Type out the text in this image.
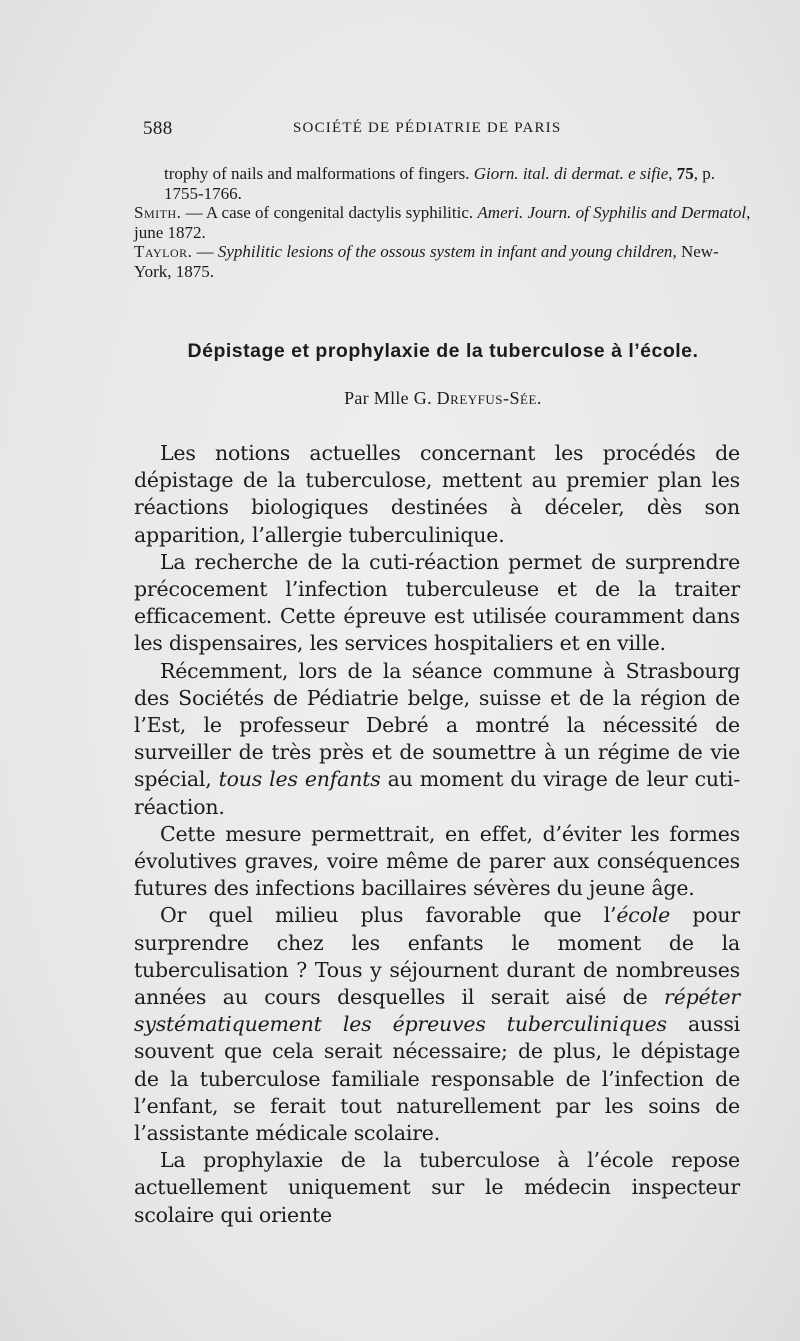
588	SOCIÉTÉ DE PÉDIATRIE DE PARIS

trophy of nails and malformations of fingers. Giorn. ital. di dermat. e sifie, 75, p. 1755-1766.

Smith. — A case of congenital dactylis syphilitic. Ameri. Journ. of Syphilis and Dermatol, june 1872.

Taylor. — Syphilitic lesions of the ossous system in infant and young children, New-York, 1875.

Dépistage et prophylaxie de la tuberculose à l’école.
Par Mlle G. Dreyfus-Sée.

Les notions actuelles concernant les procédés de dépistage de la tuberculose, mettent au premier plan les réactions biologiques destinées à déceler, dès son apparition, l’allergie tuberculinique.

La recherche de la cuti-réaction permet de surprendre précocement l’infection tuberculeuse et de la traiter efficacement. Cette épreuve est utilisée couramment dans les dispensaires, les services hospitaliers et en ville.

Récemment, lors de la séance commune à Strasbourg des Sociétés de Pédiatrie belge, suisse et de la région de l’Est, le professeur Debré a montré la nécessité de surveiller de très près et de soumettre à un régime de vie spécial, tous les enfants au moment du virage de leur cuti-réaction.

Cette mesure permettrait, en effet, d’éviter les formes évolutives graves, voire même de parer aux conséquences futures des infections bacillaires sévères du jeune âge.

Or quel milieu plus favorable que l’école pour surprendre chez les enfants le moment de la tuberculisation ? Tous y séjournent durant de nombreuses années au cours desquelles il serait aisé de répéter systématiquement les épreuves tuberculiniques aussi souvent que cela serait nécessaire; de plus, le dépistage de la tuberculose familiale responsable de l’infection de l’enfant, se ferait tout naturellement par les soins de l’assistante médicale scolaire.

La prophylaxie de la tuberculose à l’école repose actuellement uniquement sur le médecin inspecteur scolaire qui oriente
